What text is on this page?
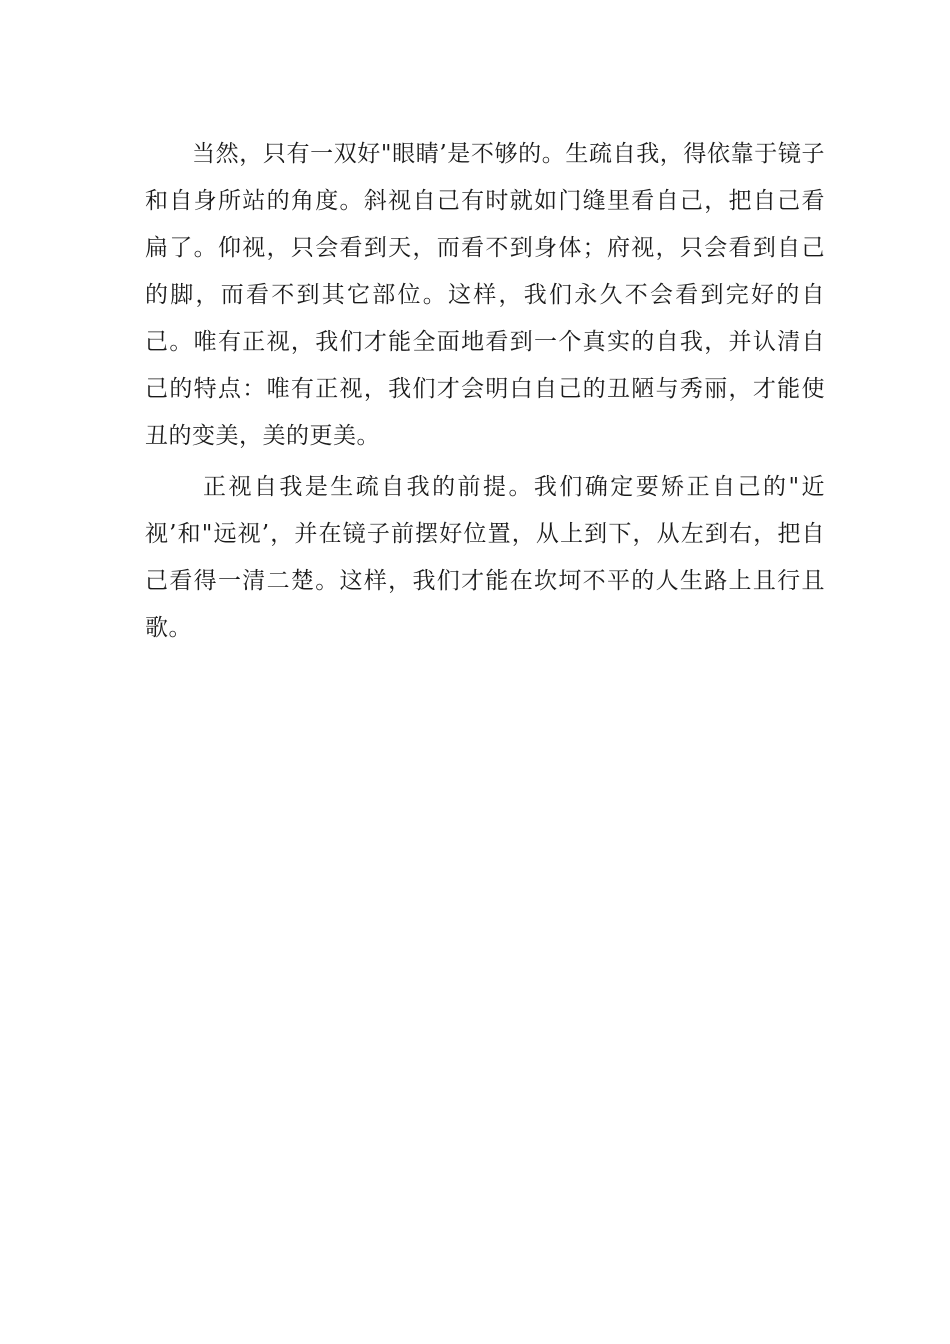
当然，只有一双好"眼睛’是不够的。生疏自我，得依靠于镜子和自身所站的角度。斜视自己有时就如门缝里看自己，把自己看扁了。仰视，只会看到天，而看不到身体；府视，只会看到自己的脚，而看不到其它部位。这样，我们永久不会看到完好的自己。唯有正视，我们才能全面地看到一个真实的自我，并认清自己的特点：唯有正视，我们才会明白自己的丑陋与秀丽，才能使丑的变美，美的更美。

正视自我是生疏自我的前提。我们确定要矫正自己的"近视’和"远视’，并在镜子前摆好位置，从上到下，从左到右，把自己看得一清二楚。这样，我们才能在坎坷不平的人生路上且行且歌。
